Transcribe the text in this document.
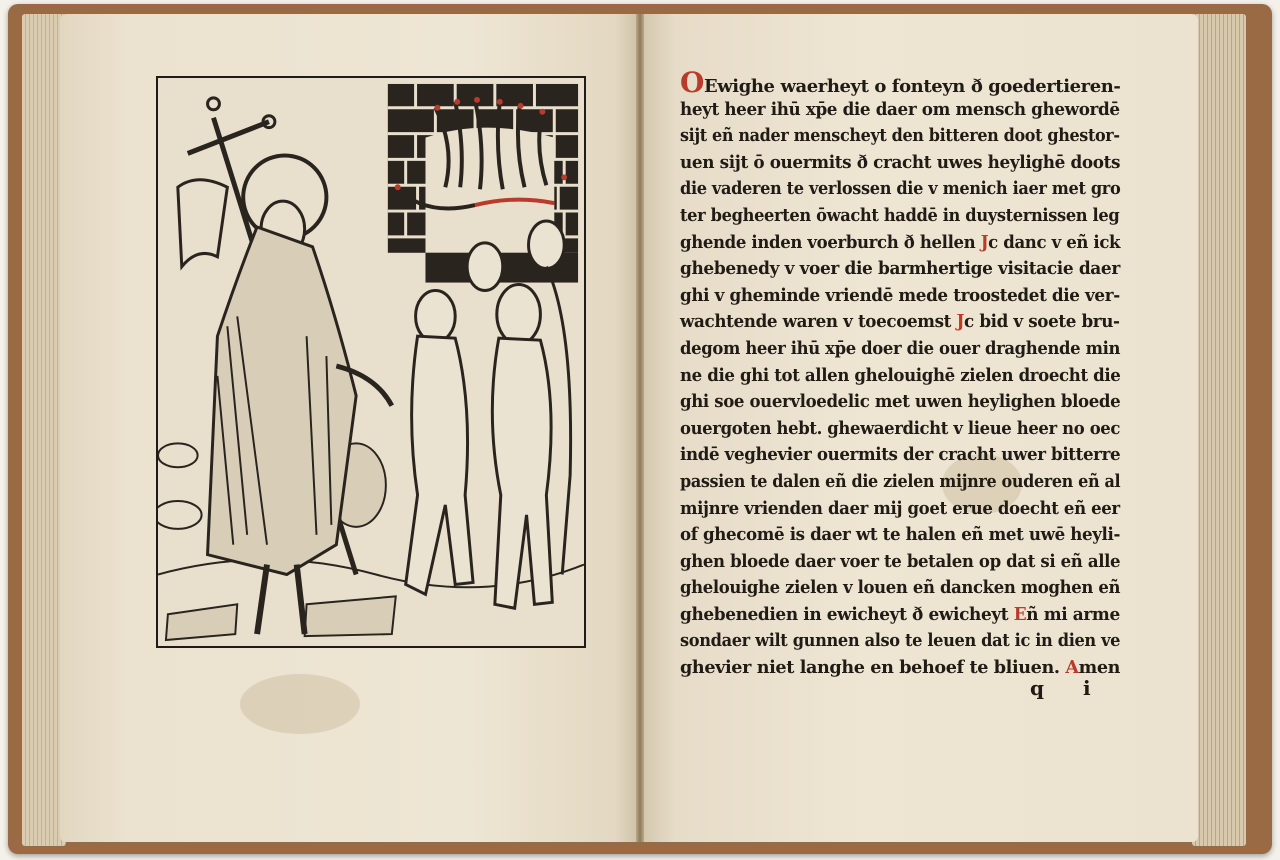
OEwighe waerheyt o fonteyn ð goedertieren-
heyt heer ihū xp̄e die daer om mensch ghewordē
sijt eñ nader menscheyt den bitteren doot ghestor-
uen sijt ō ouermits ð cracht uwes heylighē doots
die vaderen te verlossen die v menich iaer met gro
ter begheerten ōwacht haddē in duysternissen leg
ghende inden voerburch ð hellen Jc danc v eñ ick
ghebenedy v voer die barmhertige visitacie daer
ghi v gheminde vriendē mede troostedet die ver-
wachtende waren v toecoemst Jc bid v soete bru-
degom heer ihū xp̄e doer die ouer draghende min
ne die ghi tot allen ghelouighē zielen droecht die
ghi soe ouervloedelic met uwen heylighen bloede
ouergoten hebt. ghewaerdicht v lieue heer no oec
indē veghevier ouermits der cracht uwer bitterre
passien te dalen eñ die zielen mijnre ouderen eñ al
mijnre vrienden daer mij goet erue doecht eñ eer
of ghecomē is daer wt te halen eñ met uwē heyli-
ghen bloede daer voer te betalen op dat si eñ alle
ghelouighe zielen v louen eñ dancken moghen eñ
ghebenedien in ewicheyt ð ewicheyt Eñ mi arme
sondaer wilt gunnen also te leuen dat ic in dien ve
ghevier niet langhe en behoef te bliuen. Amen
q i
